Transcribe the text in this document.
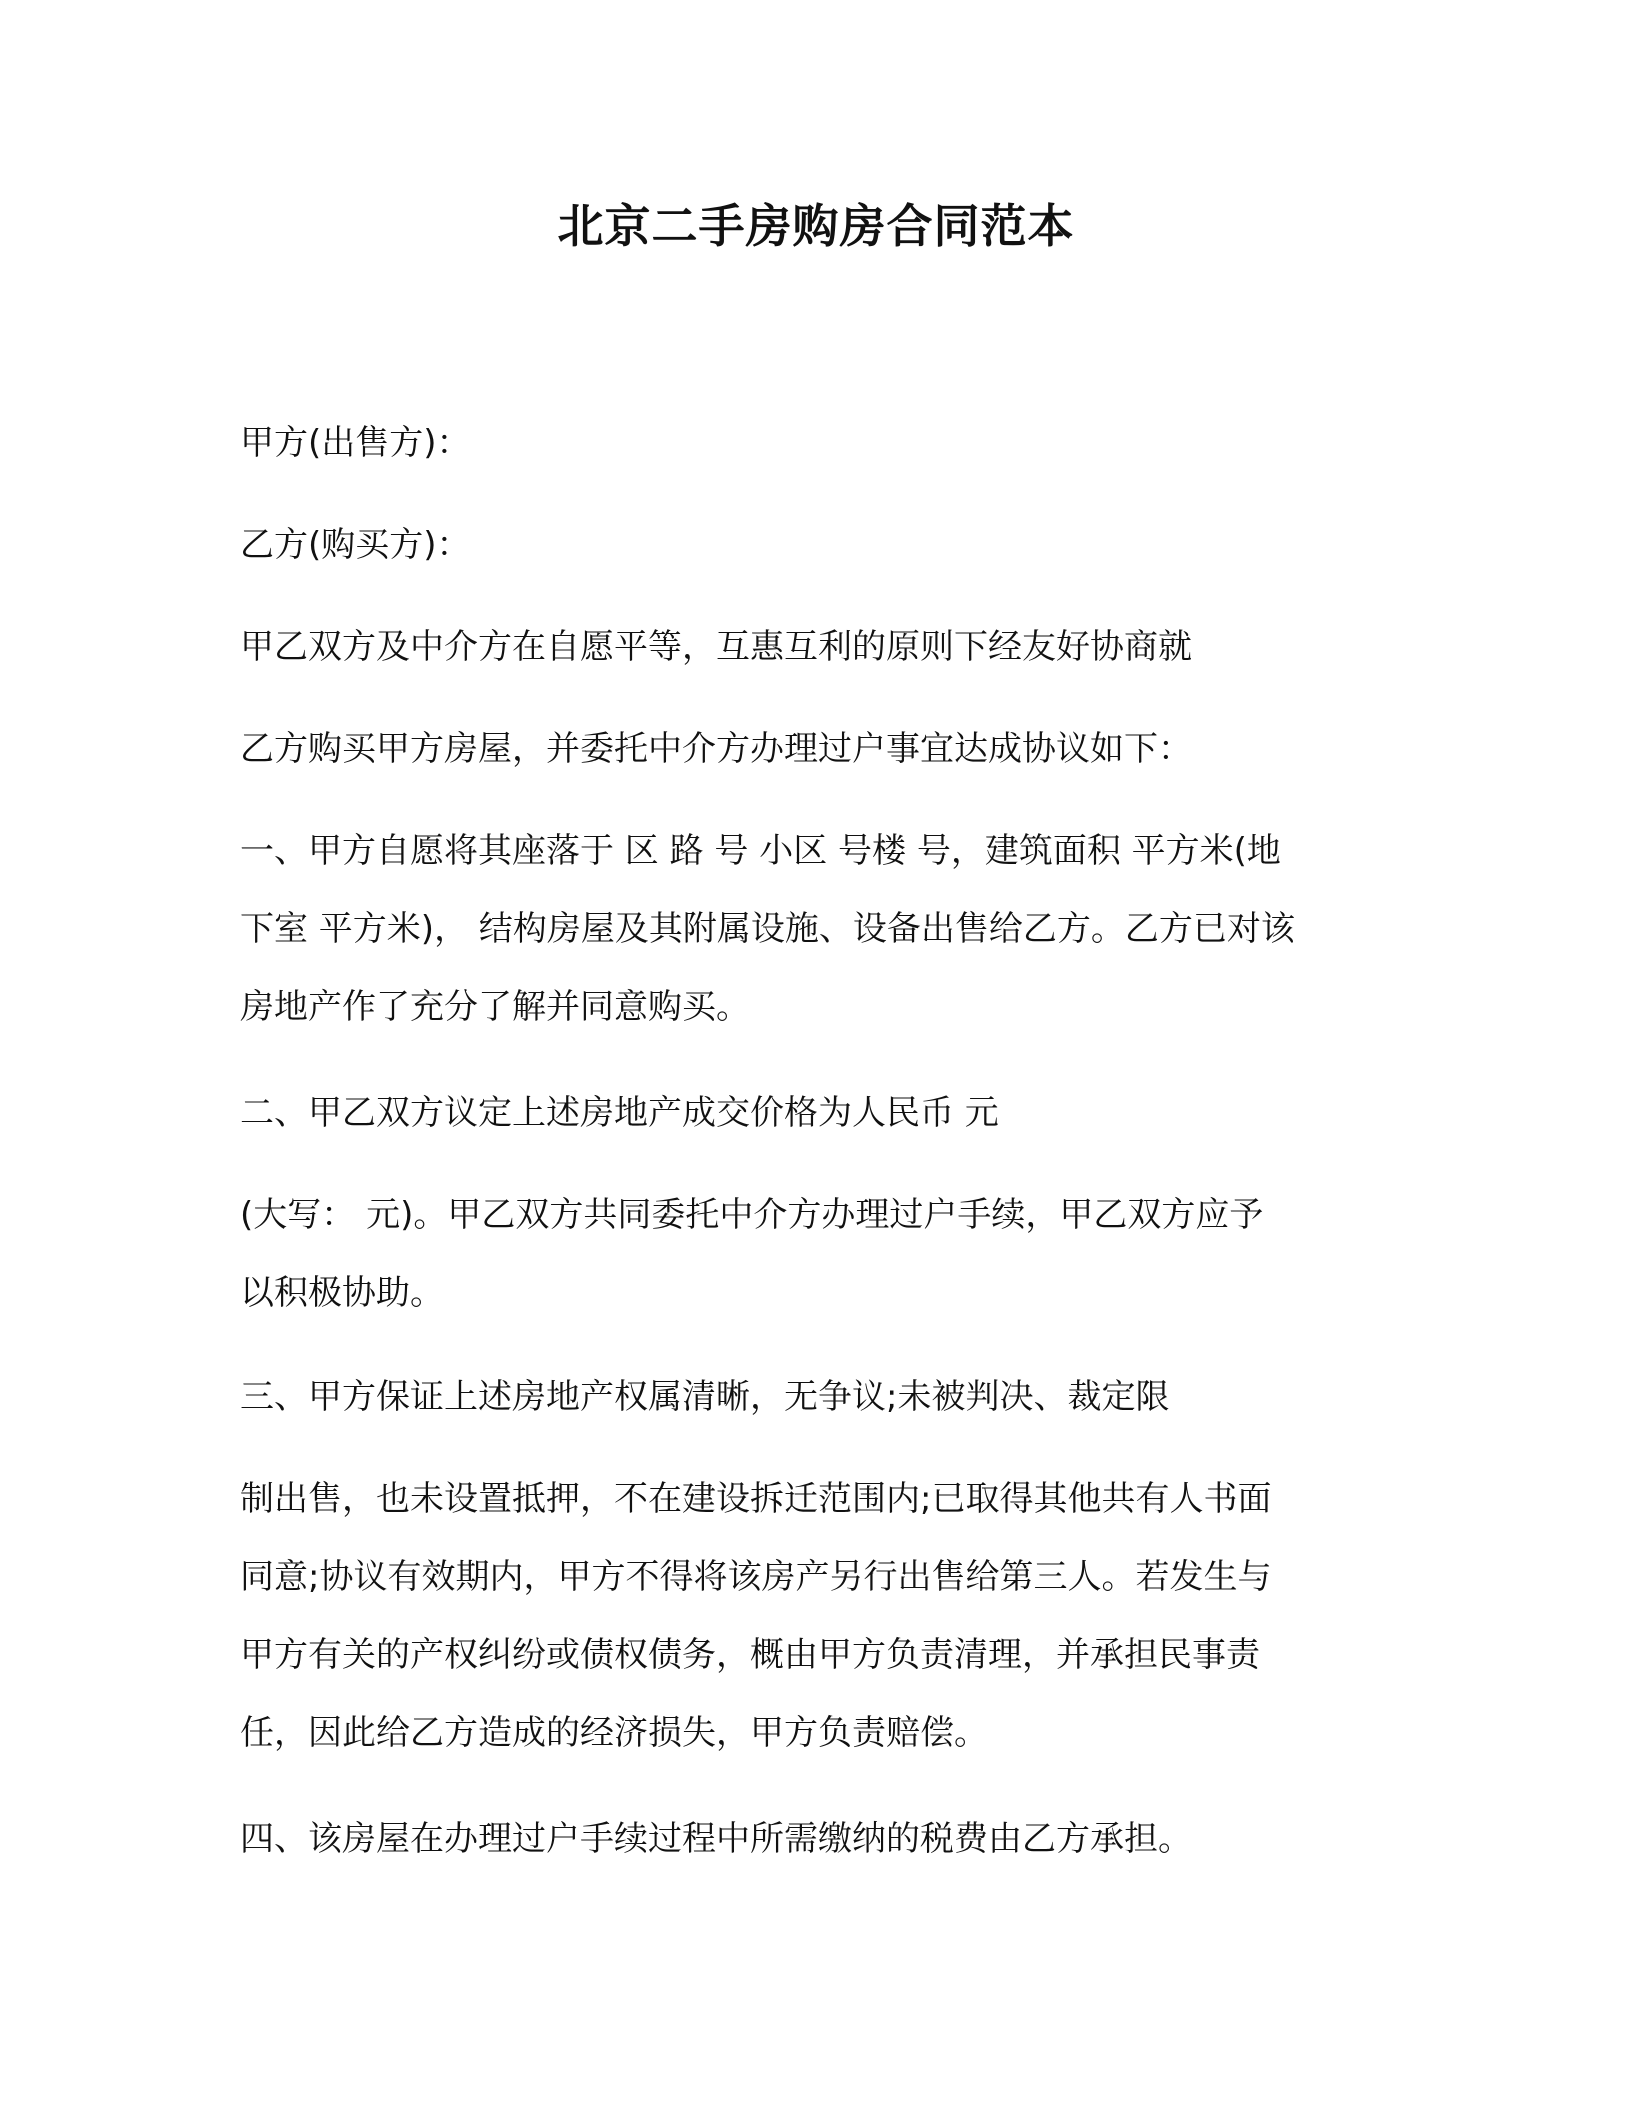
北京二手房购房合同范本
甲方(出售方)：
乙方(购买方)：
甲乙双方及中介方在自愿平等，互惠互利的原则下经友好协商就
乙方购买甲方房屋，并委托中介方办理过户事宜达成协议如下：
一、甲方自愿将其座落于 区 路 号 小区 号楼 号，建筑面积 平方米(地
下室 平方米)， 结构房屋及其附属设施、设备出售给乙方。乙方已对该
房地产作了充分了解并同意购买。
二、甲乙双方议定上述房地产成交价格为人民币 元
(大写： 元)。甲乙双方共同委托中介方办理过户手续，甲乙双方应予
以积极协助。
三、甲方保证上述房地产权属清晰，无争议;未被判决、裁定限
制出售，也未设置抵押，不在建设拆迁范围内;已取得其他共有人书面
同意;协议有效期内，甲方不得将该房产另行出售给第三人。若发生与
甲方有关的产权纠纷或债权债务，概由甲方负责清理，并承担民事责
任，因此给乙方造成的经济损失，甲方负责赔偿。
四、该房屋在办理过户手续过程中所需缴纳的税费由乙方承担。
